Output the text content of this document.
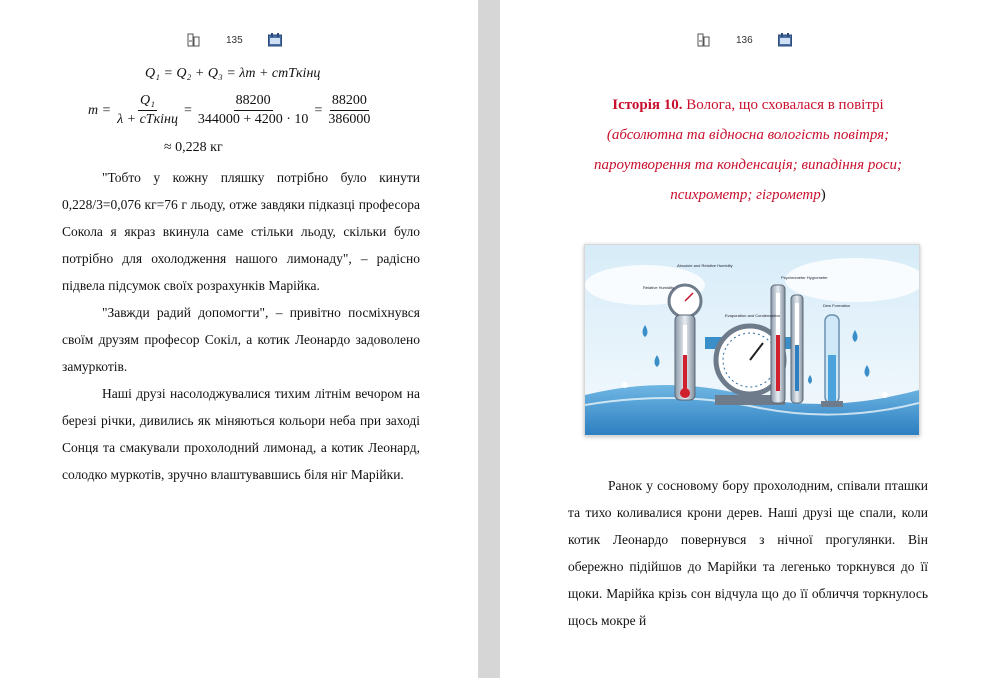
135
Q₁ = Q₂ + Q₃ = λm + cmTкінц
$m = \frac{\text{Q₁}}{\text{λ + cTкінц}} = \frac{88200}{344000 + 4200 \cdot 10} = \frac{88200}{386000}$
≈ 0,228 кг

"Тобто у кожну пляшку потрібно було кинути 0,228/3=0,076 кг=76 г льоду, отже завдяки підказці професора Сокола я якраз вкинула саме стільки льоду, скільки було потрібно для охолодження нашого лимонаду", – радісно підвела підсумок своїх розрахунків Марійка.

"Завжди радий допомогти", – привітно посміхнувся своїм друзям професор Сокіл, а котик Леонардо задоволено замуркотів.

Наші друзі насолоджувалися тихим літнім вечором на березі річки, дивились як міняються кольори неба при заході Сонця та смакували прохолодний лимонад, а котик Леонард, солодко муркотів, зручно влаштувавшись біля ніг Марійки.

136
Історія 10. Волога, що сховалася в повітрі (абсолютна та відносна вологість повітря; пароутворення та конденсація; випадіння роси; психрометр; гігрометр)
Absolute and Relative Humidity
Relative Humidity
Evaporation and Condensation
Psychrometer Hygrometer
Dew Formation

Ранок у сосновому бору прохолодним, співали пташки та тихо коливалися крони дерев. Наші друзі ще спали, коли котик Леонардо повернувся з нічної прогулянки. Він обережно підійшов до Марійки та легенько торкнувся до її щоки. Марійка крізь сон відчула що до її обличчя торкнулось щось мокре й
